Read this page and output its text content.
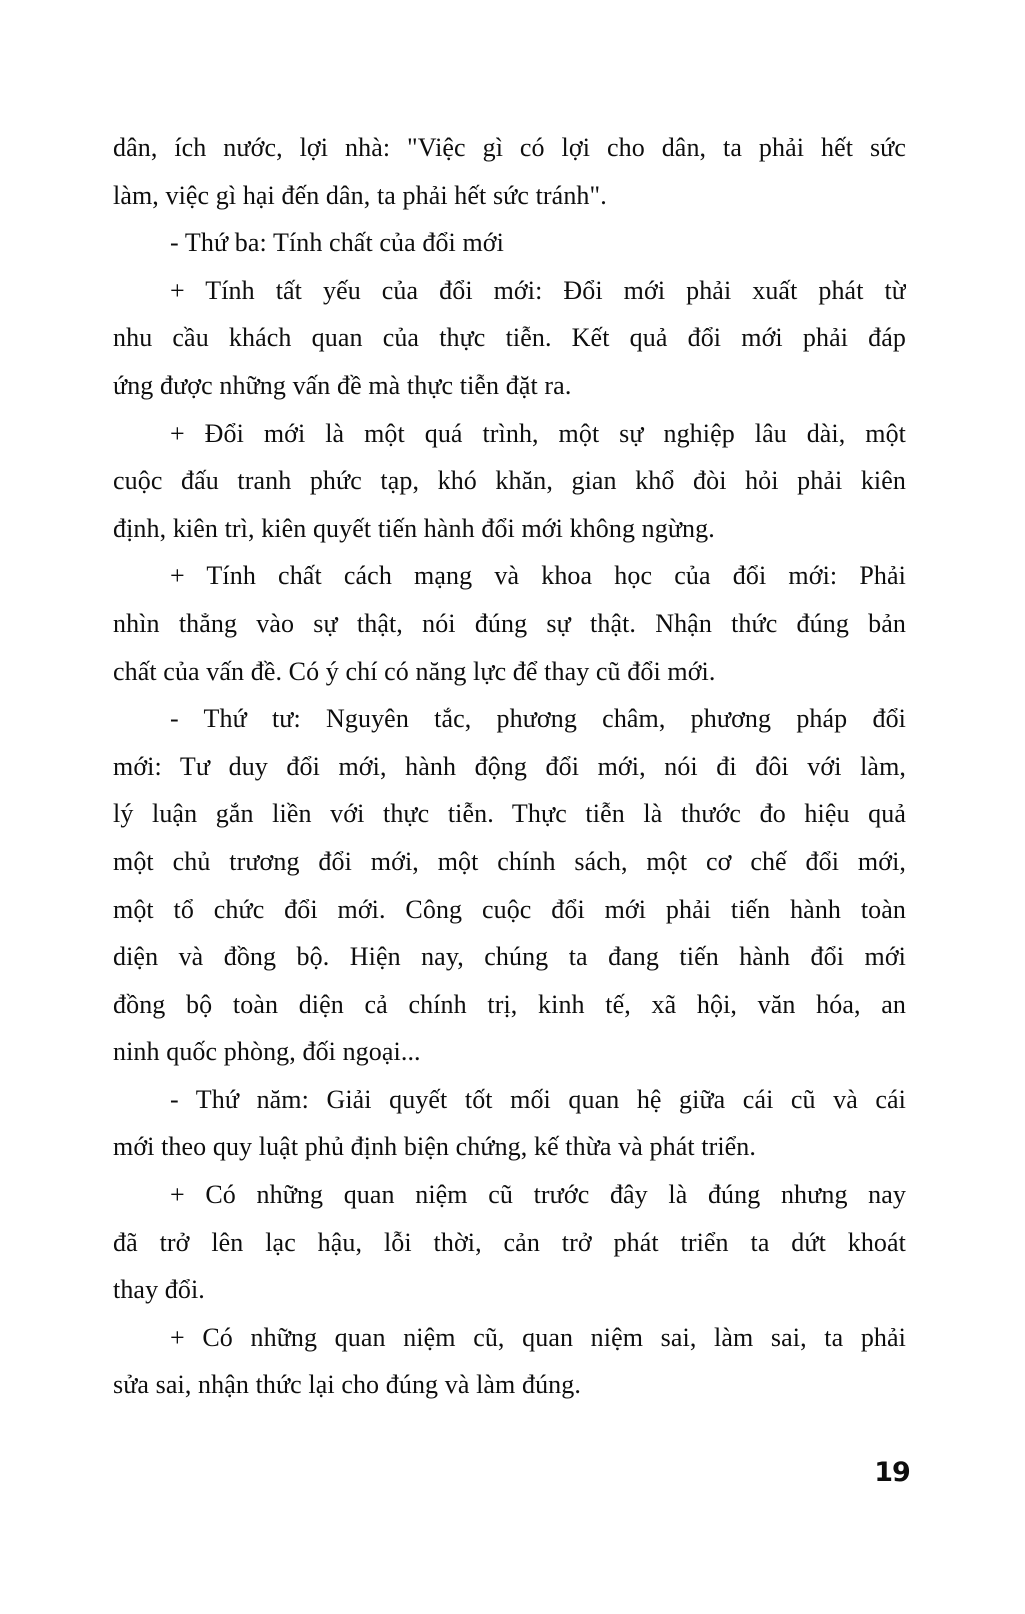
dân, ích nước, lợi nhà: "Việc gì có lợi cho dân, ta phải hết sức
làm, việc gì hại đến dân, ta phải hết sức tránh".
- Thứ ba: Tính chất của đổi mới
+ Tính tất yếu của đổi mới: Đổi mới phải xuất phát từ
nhu cầu khách quan của thực tiễn. Kết quả đổi mới phải đáp
ứng được những vấn đề mà thực tiễn đặt ra.
+ Đổi mới là một quá trình, một sự nghiệp lâu dài, một
cuộc đấu tranh phức tạp, khó khăn, gian khổ đòi hỏi phải kiên
định, kiên trì, kiên quyết tiến hành đổi mới không ngừng.
+ Tính chất cách mạng và khoa học của đổi mới: Phải
nhìn thẳng vào sự thật, nói đúng sự thật. Nhận thức đúng bản
chất của vấn đề. Có ý chí có năng lực để thay cũ đổi mới.
- Thứ tư: Nguyên tắc, phương châm, phương pháp đổi
mới: Tư duy đổi mới, hành động đổi mới, nói đi đôi với làm,
lý luận gắn liền với thực tiễn. Thực tiễn là thước đo hiệu quả
một chủ trương đổi mới, một chính sách, một cơ chế đổi mới,
một tổ chức đổi mới. Công cuộc đổi mới phải tiến hành toàn
diện và đồng bộ. Hiện nay, chúng ta đang tiến hành đổi mới
đồng bộ toàn diện cả chính trị, kinh tế, xã hội, văn hóa, an
ninh quốc phòng, đối ngoại...
- Thứ năm: Giải quyết tốt mối quan hệ giữa cái cũ và cái
mới theo quy luật phủ định biện chứng, kế thừa và phát triển.
+ Có những quan niệm cũ trước đây là đúng nhưng nay
đã trở lên lạc hậu, lỗi thời, cản trở phát triển ta dứt khoát
thay đổi.
+ Có những quan niệm cũ, quan niệm sai, làm sai, ta phải
sửa sai, nhận thức lại cho đúng và làm đúng.
19
